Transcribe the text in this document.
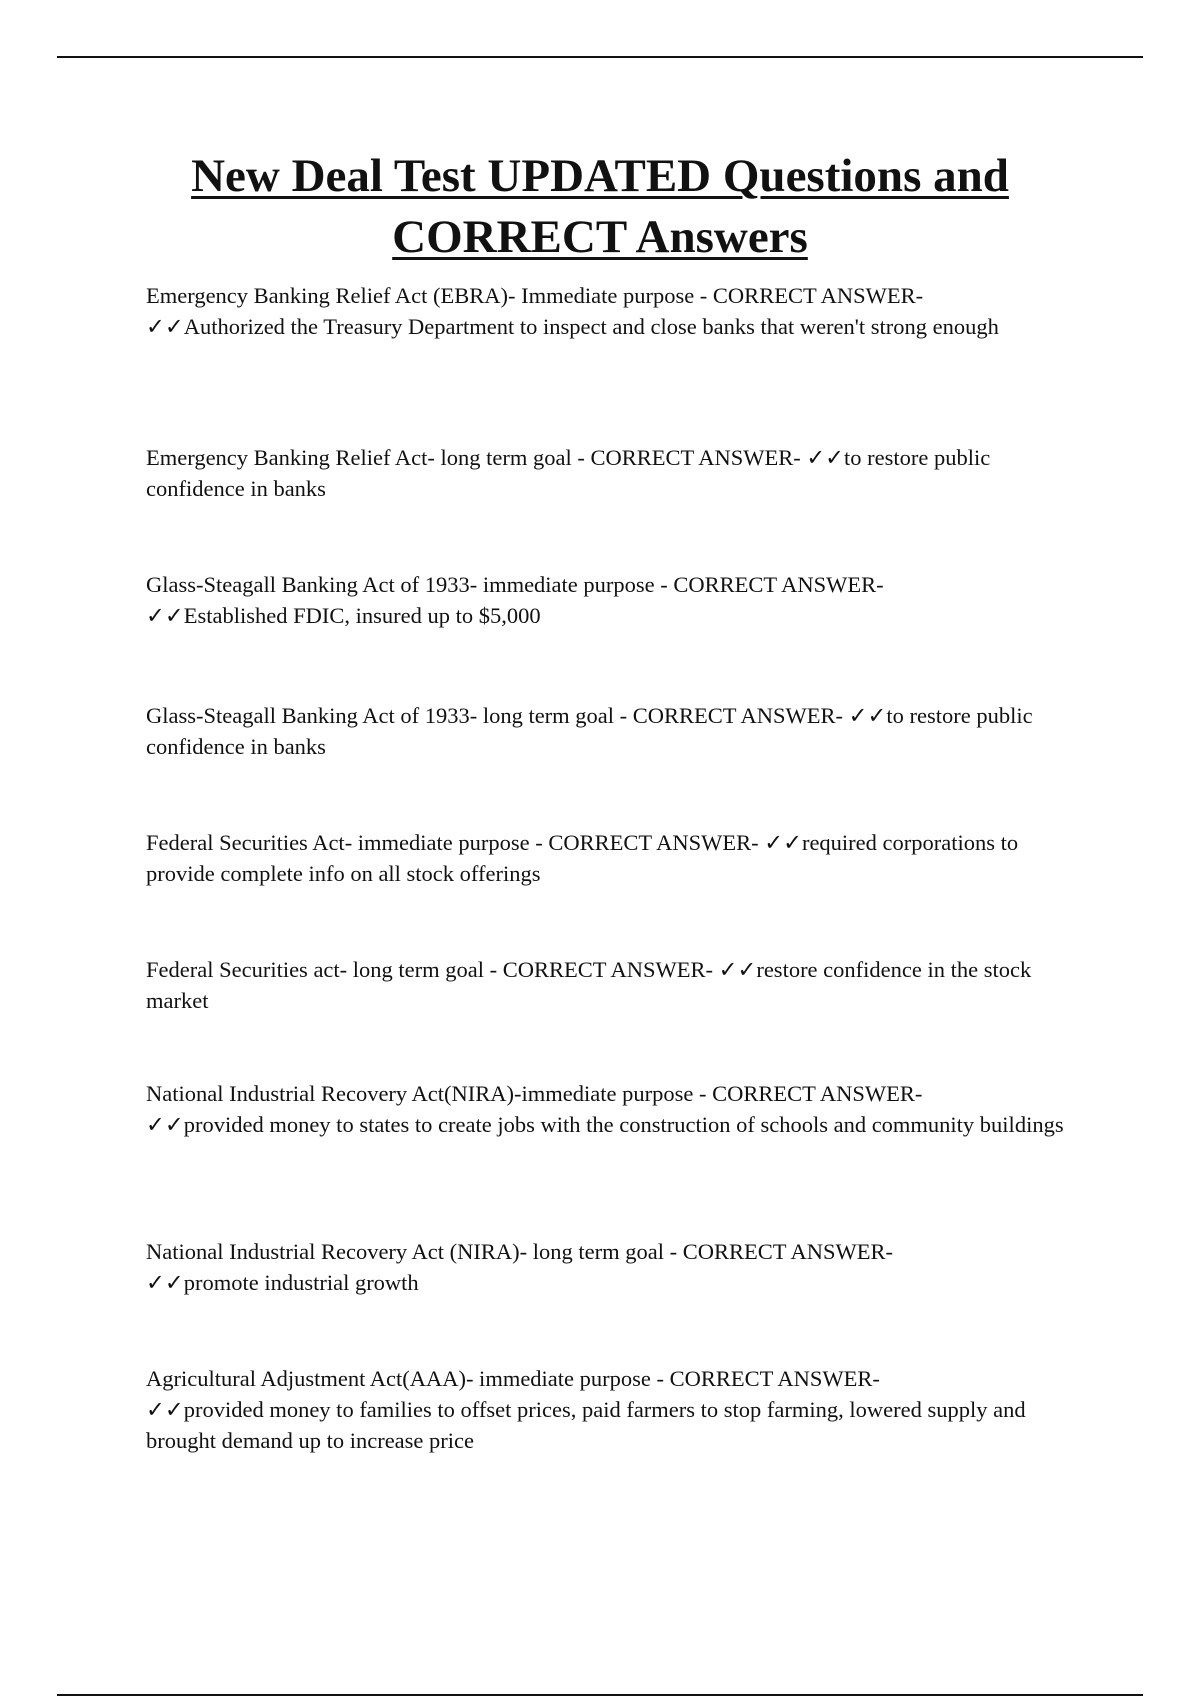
New Deal Test UPDATED Questions and
CORRECT Answers
Emergency Banking Relief Act (EBRA)- Immediate purpose - CORRECT ANSWER-
✓✓Authorized the Treasury Department to inspect and close banks that weren't strong enough
Emergency Banking Relief Act- long term goal - CORRECT ANSWER- ✓✓to restore public confidence in banks
Glass-Steagall Banking Act of 1933- immediate purpose - CORRECT ANSWER-
✓✓Established FDIC, insured up to $5,000
Glass-Steagall Banking Act of 1933- long term goal - CORRECT ANSWER- ✓✓to restore public confidence in banks
Federal Securities Act- immediate purpose - CORRECT ANSWER- ✓✓required corporations to provide complete info on all stock offerings
Federal Securities act- long term goal - CORRECT ANSWER- ✓✓restore confidence in the stock market
National Industrial Recovery Act(NIRA)-immediate purpose - CORRECT ANSWER-
✓✓provided money to states to create jobs with the construction of schools and community buildings
National Industrial Recovery Act (NIRA)- long term goal - CORRECT ANSWER-
✓✓promote industrial growth
Agricultural Adjustment Act(AAA)- immediate purpose - CORRECT ANSWER-
✓✓provided money to families to offset prices, paid farmers to stop farming, lowered supply and brought demand up to increase price
